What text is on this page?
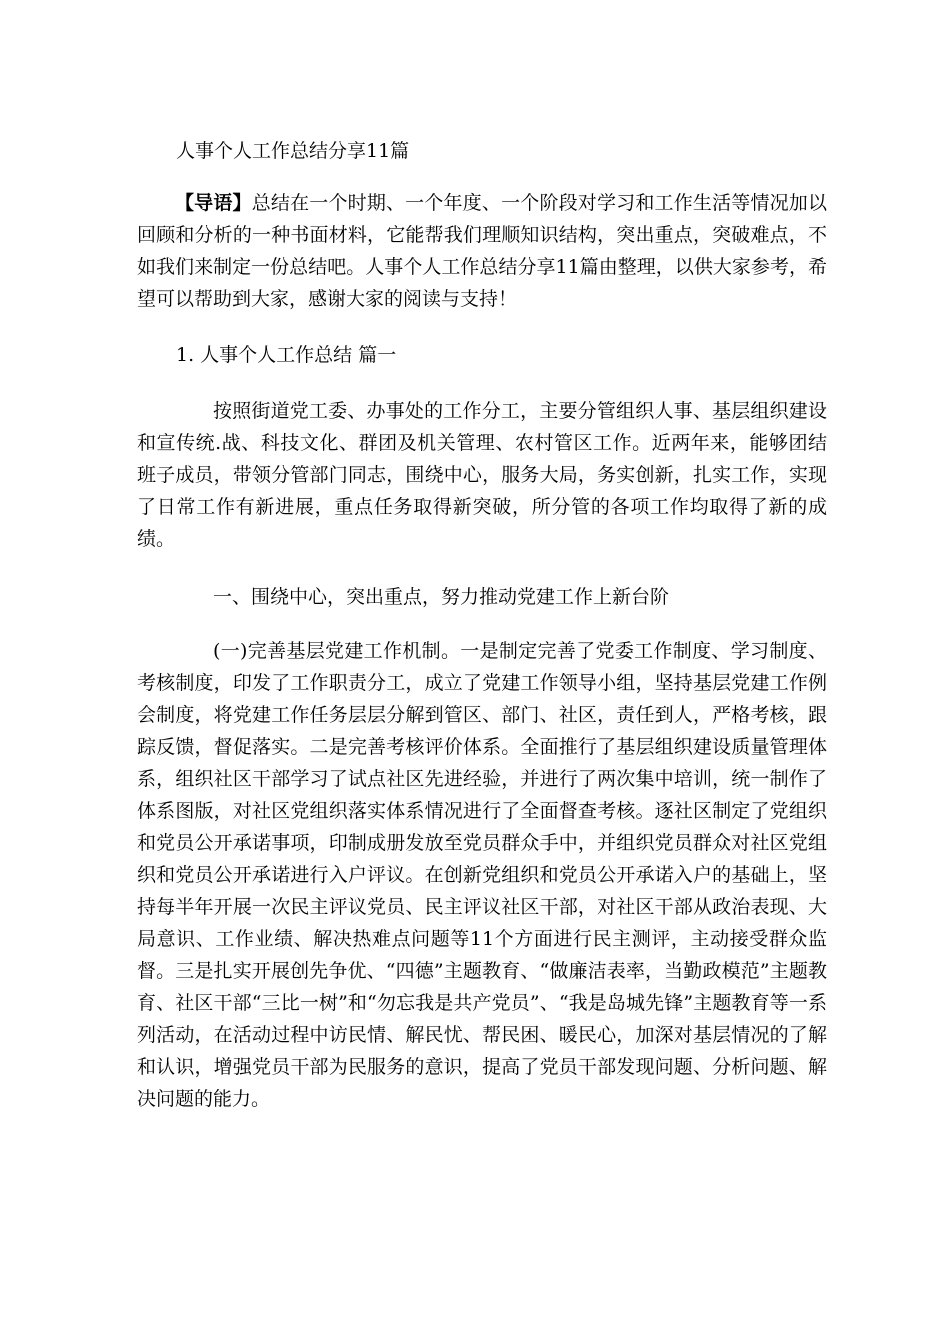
人事个人工作总结分享11篇

【导语】总结在一个时期、一个年度、一个阶段对学习和工作生活等情况加以回顾和分析的一种书面材料，它能帮我们理顺知识结构，突出重点，突破难点，不如我们来制定一份总结吧。人事个人工作总结分享11篇由整理，以供大家参考，希望可以帮助到大家，感谢大家的阅读与支持！

1. 人事个人工作总结 篇一

按照街道党工委、办事处的工作分工，主要分管组织人事、基层组织建设和宣传统.战、科技文化、群团及机关管理、农村管区工作。近两年来，能够团结班子成员，带领分管部门同志，围绕中心，服务大局，务实创新，扎实工作，实现了日常工作有新进展，重点任务取得新突破，所分管的各项工作均取得了新的成绩。

一、围绕中心，突出重点，努力推动党建工作上新台阶

(一)完善基层党建工作机制。一是制定完善了党委工作制度、学习制度、考核制度，印发了工作职责分工，成立了党建工作领导小组，坚持基层党建工作例会制度，将党建工作任务层层分解到管区、部门、社区，责任到人，严格考核，跟踪反馈，督促落实。二是完善考核评价体系。全面推行了基层组织建设质量管理体系，组织社区干部学习了试点社区先进经验，并进行了两次集中培训，统一制作了体系图版，对社区党组织落实体系情况进行了全面督查考核。逐社区制定了党组织和党员公开承诺事项，印制成册发放至党员群众手中，并组织党员群众对社区党组织和党员公开承诺进行入户评议。在创新党组织和党员公开承诺入户的基础上，坚持每半年开展一次民主评议党员、民主评议社区干部，对社区干部从政治表现、大局意识、工作业绩、解决热难点问题等11个方面进行民主测评，主动接受群众监督。三是扎实开展创先争优、“四德”主题教育、“做廉洁表率，当勤政模范”主题教育、社区干部“三比一树”和“勿忘我是共产党员”、“我是岛城先锋”主题教育等一系列活动，在活动过程中访民情、解民忧、帮民困、暖民心，加深对基层情况的了解和认识，增强党员干部为民服务的意识，提高了党员干部发现问题、分析问题、解决问题的能力。
